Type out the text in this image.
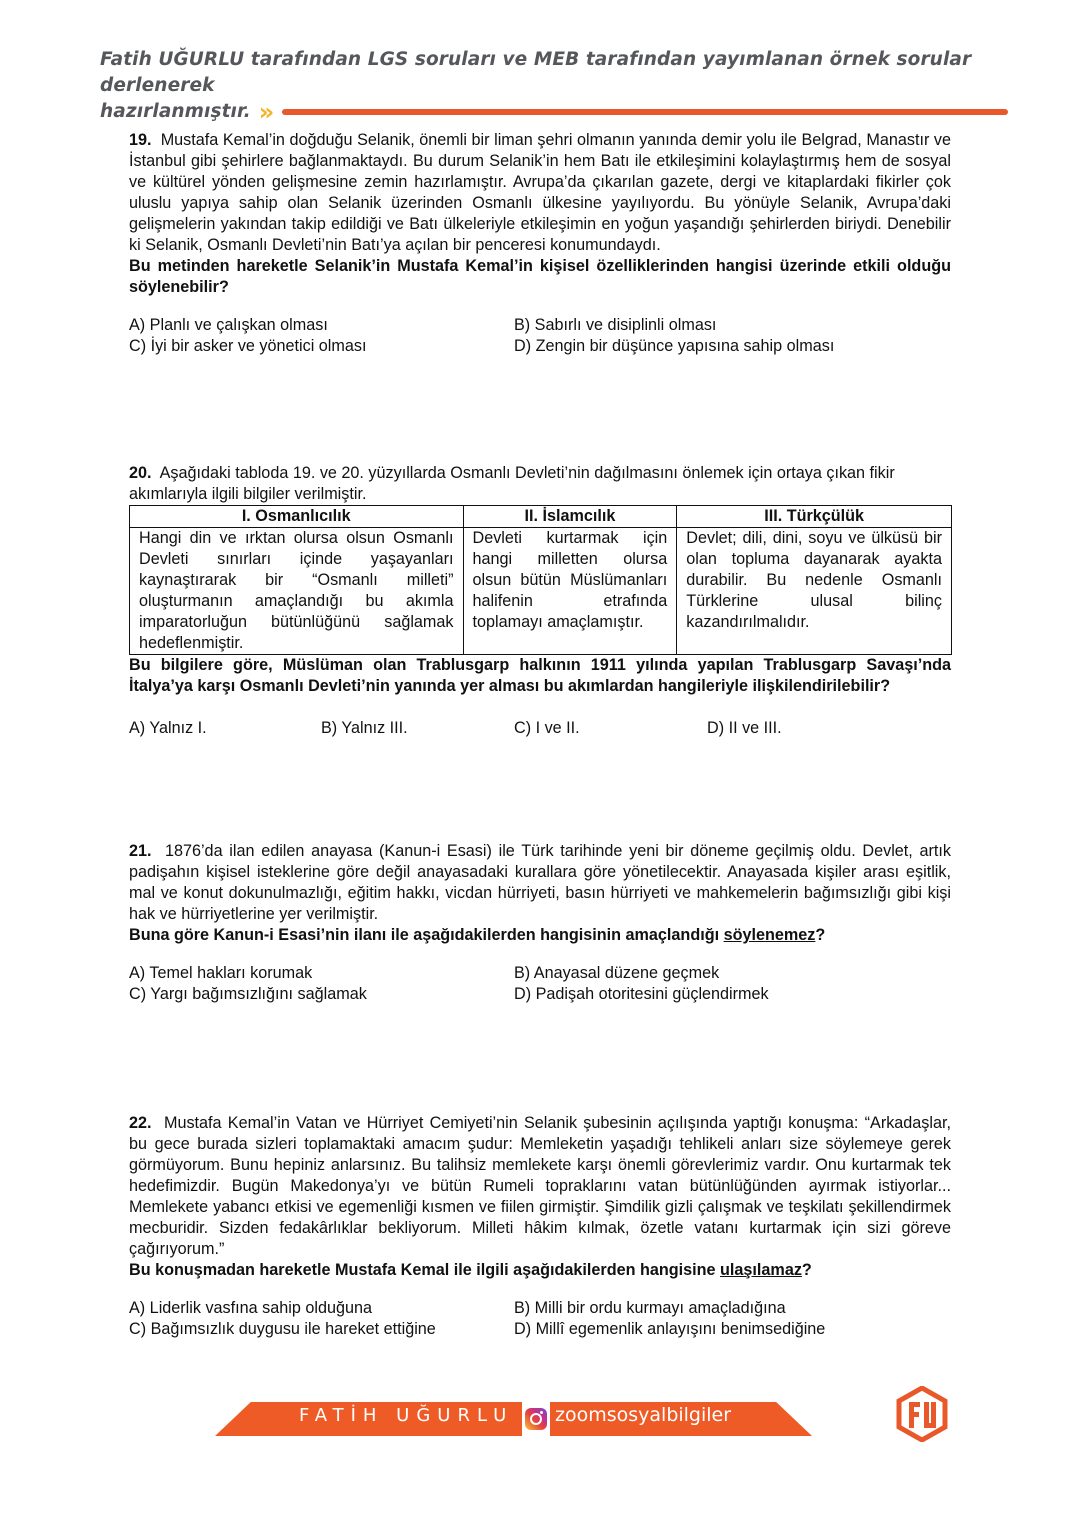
Fatih UĞURLU tarafından LGS soruları ve MEB tarafından yayımlanan örnek sorular derlenerek
hazırlanmıştır. »
19. Mustafa Kemal’in doğduğu Selanik, önemli bir liman şehri olmanın yanında demir yolu ile Belgrad, Manastır ve İstanbul gibi şehirlere bağlanmaktaydı. Bu durum Selanik’in hem Batı ile etkileşimini kolaylaştırmış hem de sosyal ve kültürel yönden gelişmesine zemin hazırlamıştır. Avrupa’da çıkarılan gazete, dergi ve kitaplardaki fikirler çok uluslu yapıya sahip olan Selanik üzerinden Osmanlı ülkesine yayılıyordu. Bu yönüyle Selanik, Avrupa’daki gelişmelerin yakından takip edildiği ve Batı ülkeleriyle etkileşimin en yoğun yaşandığı şehirlerden biriydi. Denebilir ki Selanik, Osmanlı Devleti’nin Batı’ya açılan bir penceresi konumundaydı.
Bu metinden hareketle Selanik’in Mustafa Kemal’in kişisel özelliklerinden hangisi üzerinde etkili olduğu söylenebilir?
A) Planlı ve çalışkan olması	B) Sabırlı ve disiplinli olması
C) İyi bir asker ve yönetici olması	D) Zengin bir düşünce yapısına sahip olması
20. Aşağıdaki tabloda 19. ve 20. yüzyıllarda Osmanlı Devleti’nin dağılmasını önlemek için ortaya çıkan fikir akımlarıyla ilgili bilgiler verilmiştir.
I. Osmanlıcılık	II. İslamcılık	III. Türkçülük
Hangi din ve ırktan olursa olsun Osmanlı Devleti sınırları içinde yaşayanları kaynaştırarak bir “Osmanlı milleti” oluşturmanın amaçlandığı bu akımla imparatorluğun bütünlüğünü sağlamak hedeflenmiştir.	Devleti kurtarmak için hangi milletten olursa olsun bütün Müslümanları halifenin etrafında toplamayı amaçlamıştır.	Devlet; dili, dini, soyu ve ülküsü bir olan topluma dayanarak ayakta durabilir. Bu nedenle Osmanlı Türklerine ulusal bilinç kazandırılmalıdır.
Bu bilgilere göre, Müslüman olan Trablusgarp halkının 1911 yılında yapılan Trablusgarp Savaşı’nda İtalya’ya karşı Osmanlı Devleti’nin yanında yer alması bu akımlardan hangileriyle ilişkilendirilebilir?
A) Yalnız I.	B) Yalnız III.	C) I ve II.	D) II ve III.
21. 1876’da ilan edilen anayasa (Kanun-i Esasi) ile Türk tarihinde yeni bir döneme geçilmiş oldu. Devlet, artık padişahın kişisel isteklerine göre değil anayasadaki kurallara göre yönetilecektir. Anayasada kişiler arası eşitlik, mal ve konut dokunulmazlığı, eğitim hakkı, vicdan hürriyeti, basın hürriyeti ve mahkemelerin bağımsızlığı gibi kişi hak ve hürriyetlerine yer verilmiştir.
Buna göre Kanun-i Esasi’nin ilanı ile aşağıdakilerden hangisinin amaçlandığı söylenemez?
A) Temel hakları korumak	B) Anayasal düzene geçmek
C) Yargı bağımsızlığını sağlamak	D) Padişah otoritesini güçlendirmek
22. Mustafa Kemal’in Vatan ve Hürriyet Cemiyeti’nin Selanik şubesinin açılışında yaptığı konuşma: “Arkadaşlar, bu gece burada sizleri toplamaktaki amacım şudur: Memleketin yaşadığı tehlikeli anları size söylemeye gerek görmüyorum. Bunu hepiniz anlarsınız. Bu talihsiz memlekete karşı önemli görevlerimiz vardır. Onu kurtarmak tek hedefimizdir. Bugün Makedonya’yı ve bütün Rumeli topraklarını vatan bütünlüğünden ayırmak istiyorlar... Memlekete yabancı etkisi ve egemenliği kısmen ve fiilen girmiştir. Şimdilik gizli çalışmak ve teşkilatı şekillendirmek mecburidir. Sizden fedakârlıklar bekliyorum. Milleti hâkim kılmak, özetle vatanı kurtarmak için sizi göreve çağırıyorum.”
Bu konuşmadan hareketle Mustafa Kemal ile ilgili aşağıdakilerden hangisine ulaşılamaz?
A) Liderlik vasfına sahip olduğuna	B) Milli bir ordu kurmayı amaçladığına
C) Bağımsızlık duygusu ile hareket ettiğine	D) Millî egemenlik anlayışını benimsediğine
FATİH UĞURLU zoomsosyalbilgiler
